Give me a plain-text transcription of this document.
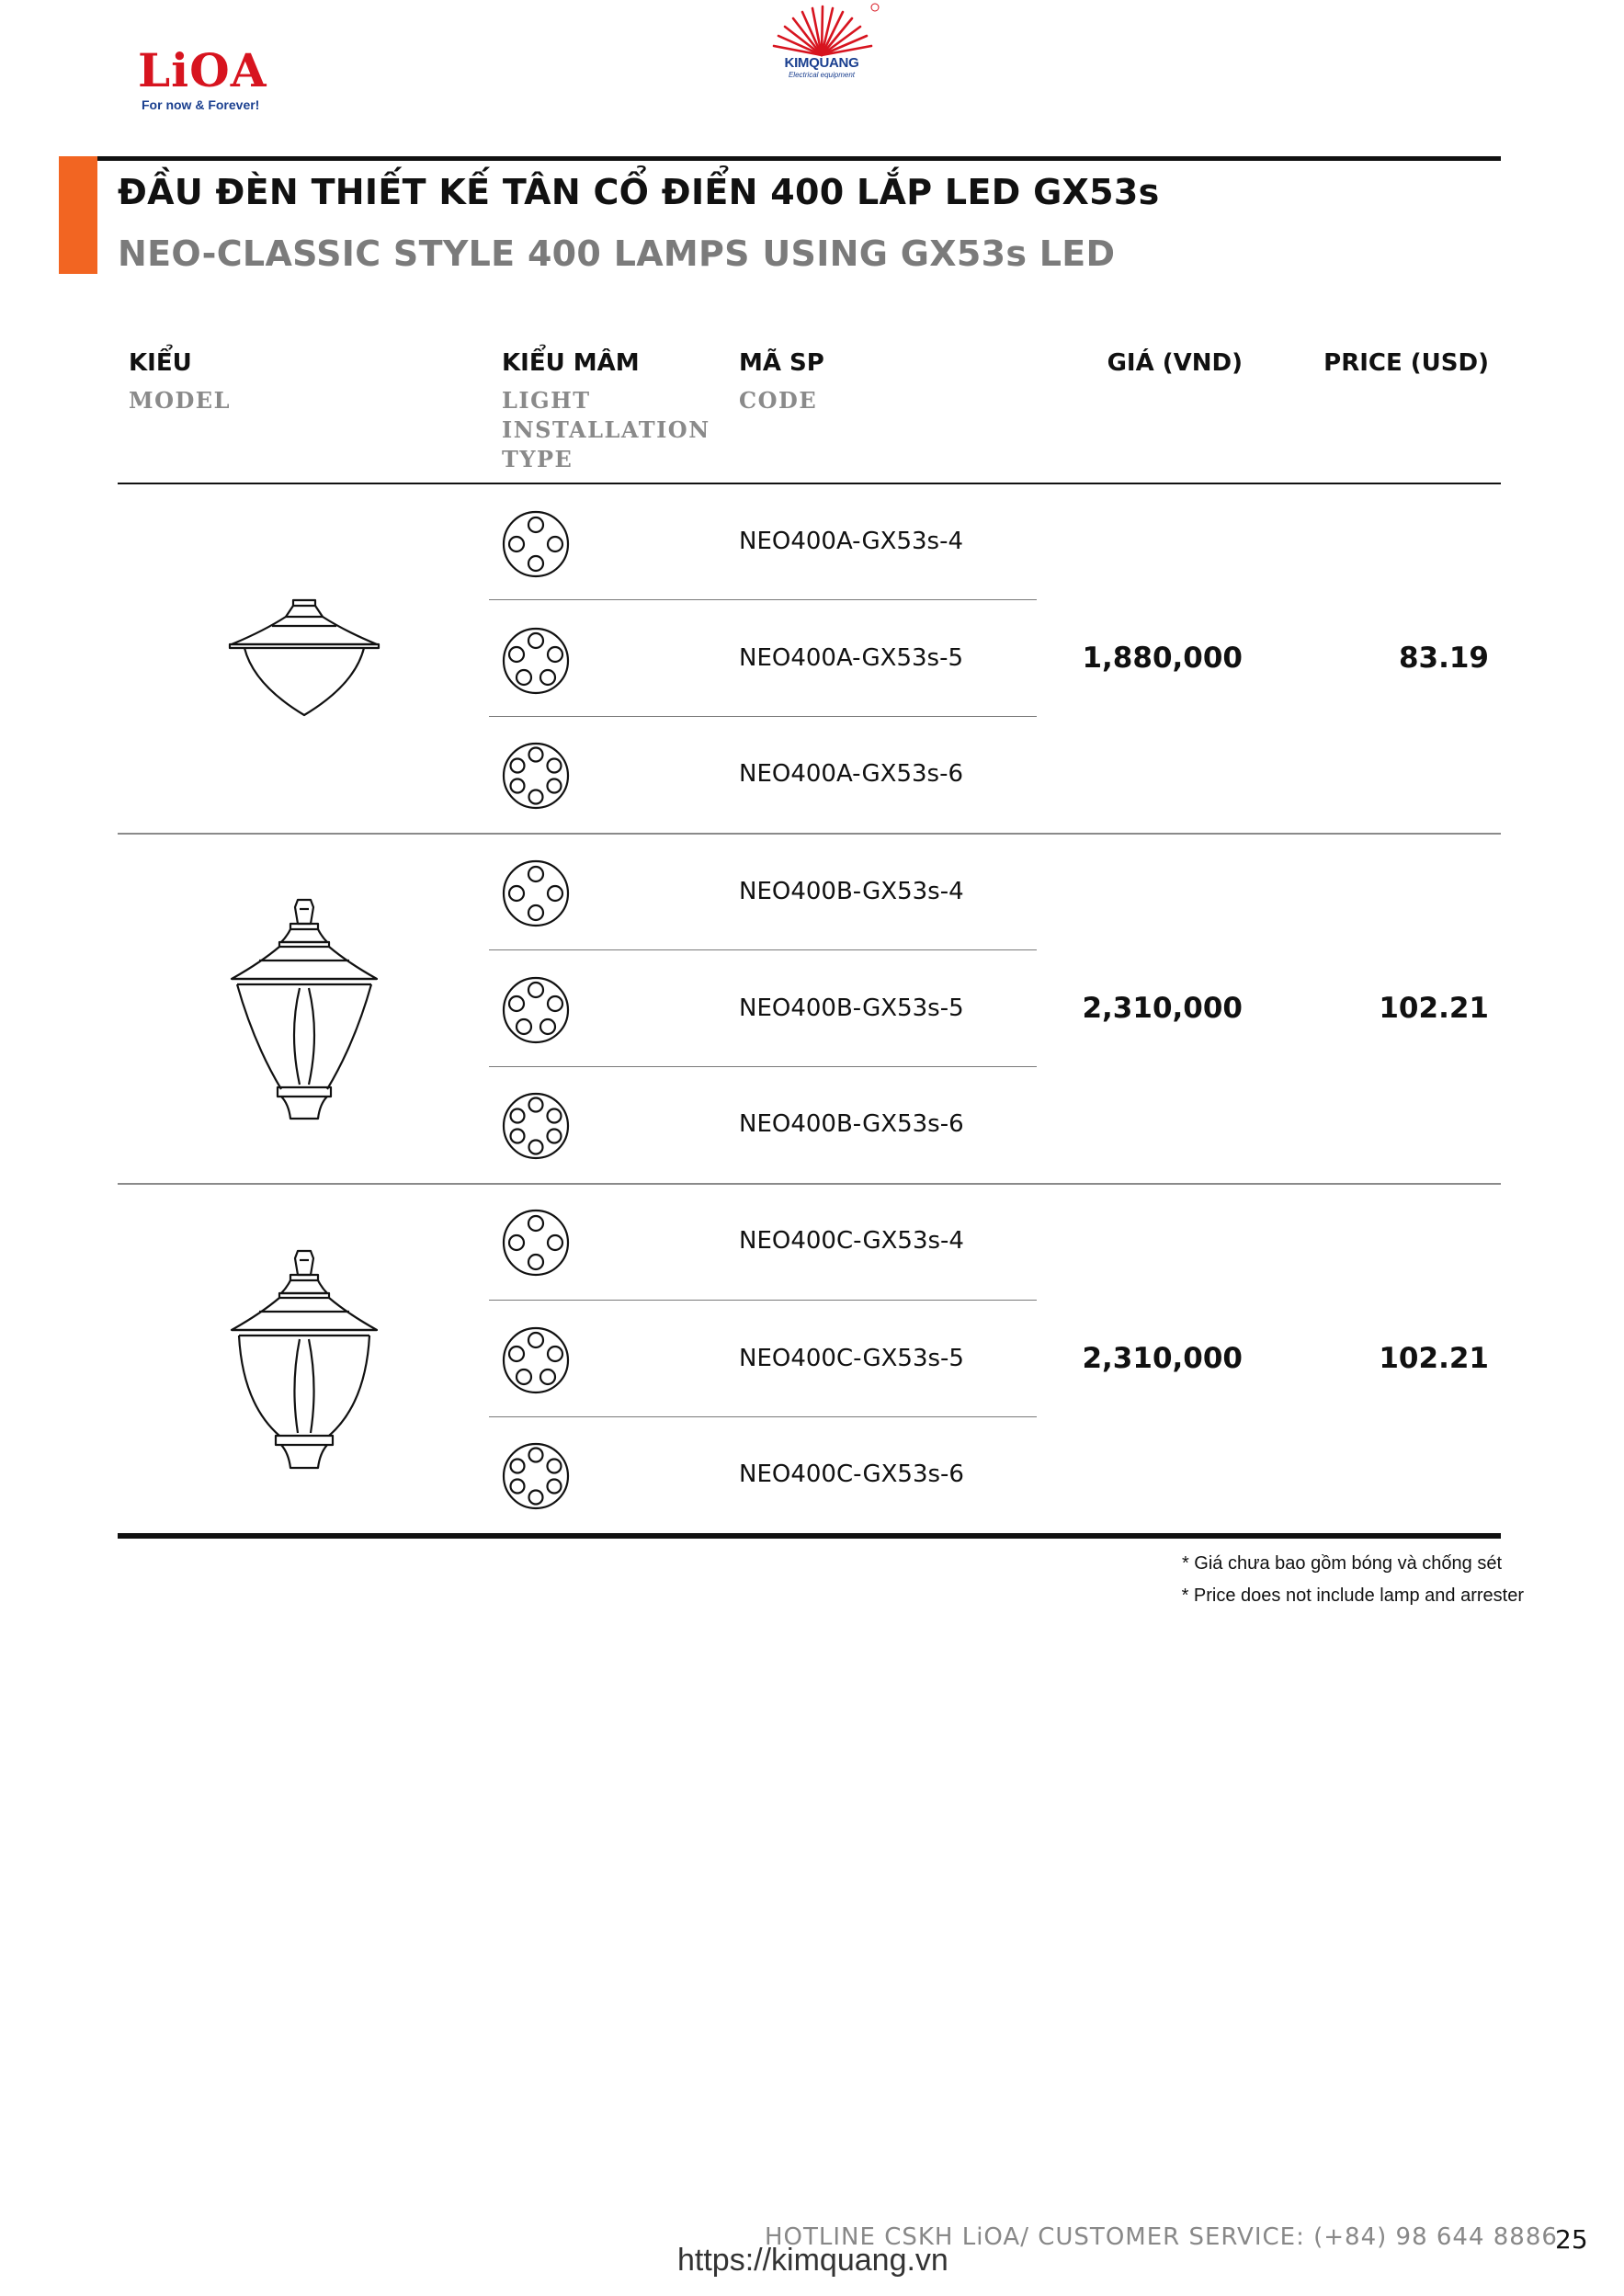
LiOA
For now & Forever!
KIMQUANG
Electrical equipment
ĐẦU ĐÈN THIẾT KẾ TÂN CỔ ĐIỂN 400 LẮP LED GX53s
NEO-CLASSIC STYLE 400 LAMPS USING GX53s LED
KIỂU
MODEL
KIỂU MÂM
LIGHT
INSTALLATION
TYPE
MÃ SP
CODE
GIÁ (VND)	PRICE (USD)
NEO400A-GX53s-4
NEO400A-GX53s-5
NEO400A-GX53s-6
1,880,000	83.19
NEO400B-GX53s-4
NEO400B-GX53s-5
NEO400B-GX53s-6
2,310,000	102.21
NEO400C-GX53s-4
NEO400C-GX53s-5
NEO400C-GX53s-6
2,310,000	102.21
* Giá chưa bao gồm bóng và chống sét
* Price does not include lamp and arrester
HOTLINE CSKH LiOA/ CUSTOMER SERVICE: (+84) 98 644 8886
https://kimquang.vn
25
